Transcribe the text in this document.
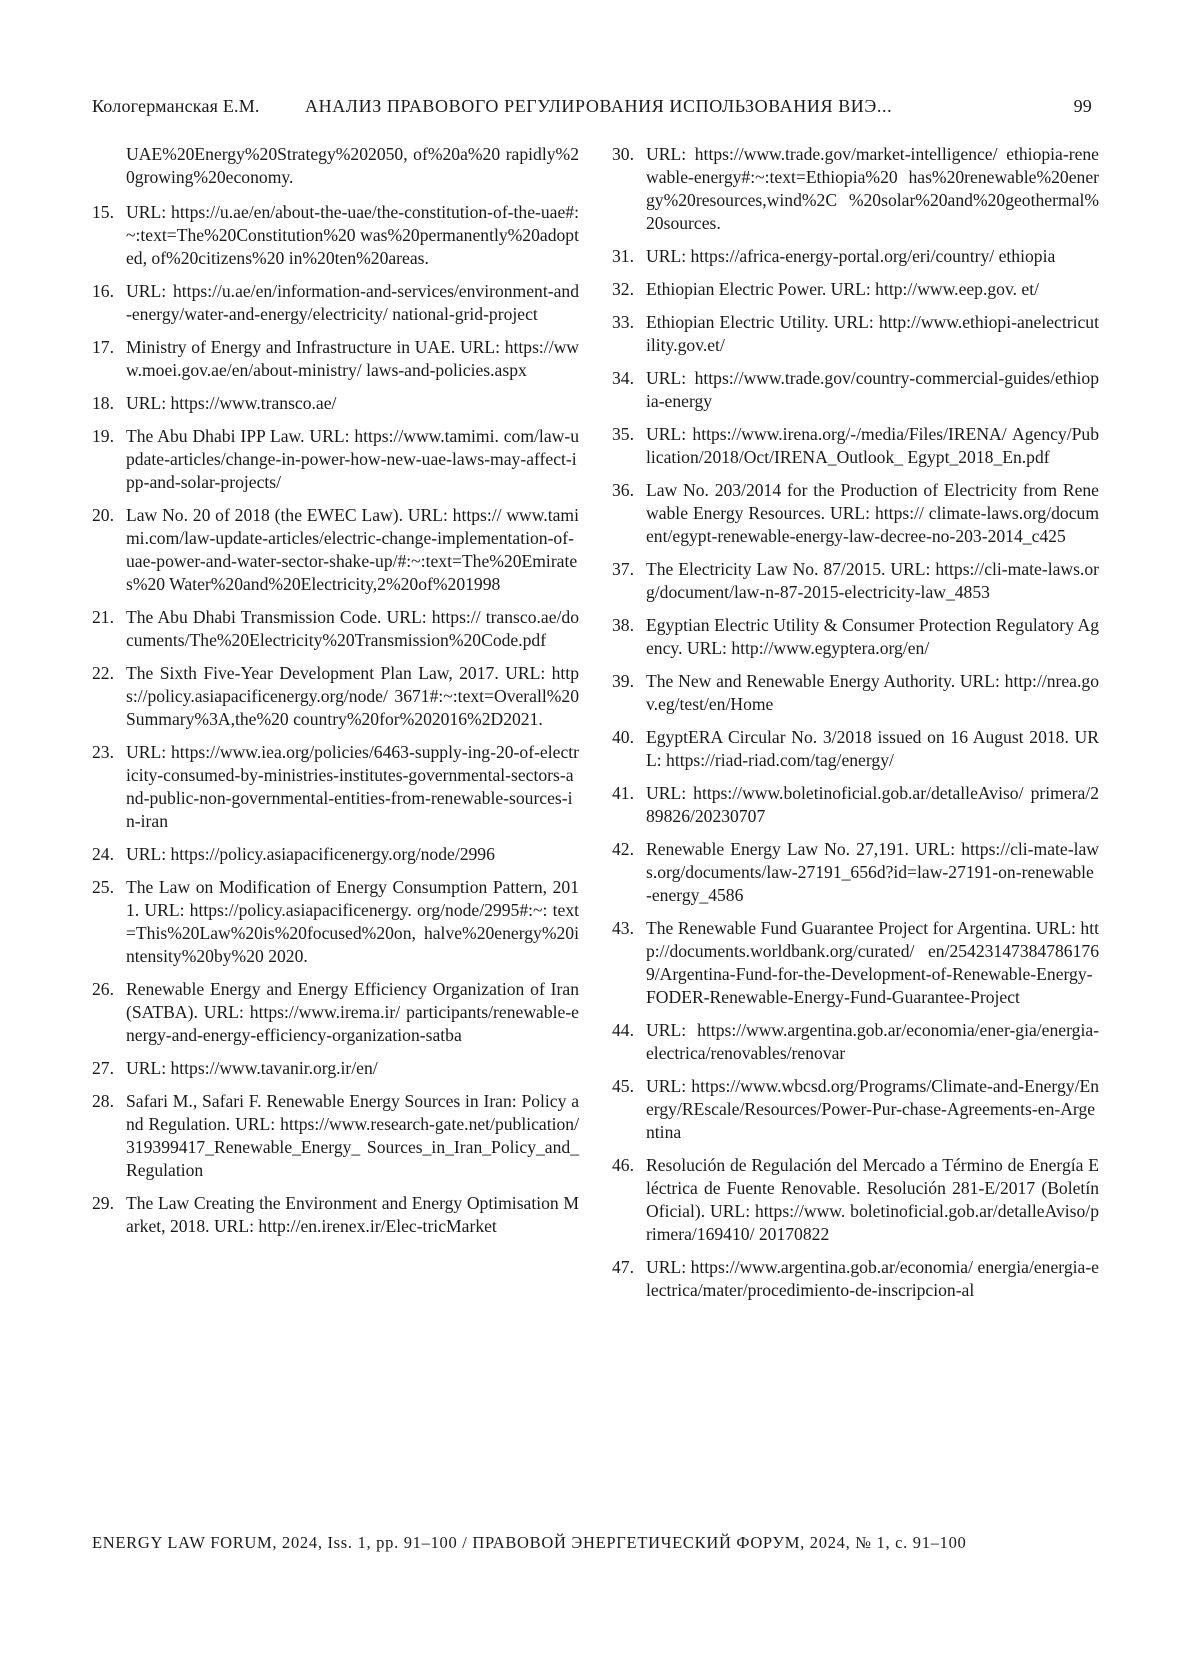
Кологерманская Е.М.	АНАЛИЗ ПРАВОВОГО РЕГУЛИРОВАНИЯ ИСПОЛЬЗОВАНИЯ ВИЭ...	99
UAE%20Energy%20Strategy%202050, of%20a%20 rapidly%20growing%20economy.
15. URL: https://u.ae/en/about-the-uae/the-constitution-of-the-uae#:~:text=The%20Constitution%20 was%20permanently%20adopted, of%20citizens%20 in%20ten%20areas.
16. URL: https://u.ae/en/information-and-services/environment-and-energy/water-and-energy/electricity/ national-grid-project
17. Ministry of Energy and Infrastructure in UAE. URL: https://www.moei.gov.ae/en/about-ministry/ laws-and-policies.aspx
18. URL: https://www.transco.ae/
19. The Abu Dhabi IPP Law. URL: https://www.tamimi. com/law-update-articles/change-in-power-how-new-uae-laws-may-affect-ipp-and-solar-projects/
20. Law No. 20 of 2018 (the EWEC Law). URL: https:// www.tamimi.com/law-update-articles/electric-change-implementation-of-uae-power-and-water-sector-shake-up/#:~:text=The%20Emirates%20 Water%20and%20Electricity,2%20of%201998
21. The Abu Dhabi Transmission Code. URL: https:// transco.ae/documents/The%20Electricity%20Transmission%20Code.pdf
22. The Sixth Five-Year Development Plan Law, 2017. URL: https://policy.asiapacificenergy.org/node/ 3671#:~:text=Overall%20Summary%3A,the%20 country%20for%202016%2D2021.
23. URL: https://www.iea.org/policies/6463-supply-ing-20-of-electricity-consumed-by-ministries-institutes-governmental-sectors-and-public-non-governmental-entities-from-renewable-sources-in-iran
24. URL: https://policy.asiapacificenergy.org/node/2996
25. The Law on Modification of Energy Consumption Pattern, 2011. URL: https://policy.asiapacificenergy. org/node/2995#:~: text=This%20Law%20is%20focused%20on, halve%20energy%20intensity%20by%20 2020.
26. Renewable Energy and Energy Efficiency Organization of Iran (SATBA). URL: https://www.irema.ir/ participants/renewable-energy-and-energy-efficiency-organization-satba
27. URL: https://www.tavanir.org.ir/en/
28. Safari M., Safari F. Renewable Energy Sources in Iran: Policy and Regulation. URL: https://www.research-gate.net/publication/319399417_Renewable_Energy_ Sources_in_Iran_Policy_and_Regulation
29. The Law Creating the Environment and Energy Optimisation Market, 2018. URL: http://en.irenex.ir/Elec-tricMarket
30. URL: https://www.trade.gov/market-intelligence/ ethiopia-renewable-energy#:~:text=Ethiopia%20 has%20renewable%20energy%20resources,wind%2C %20solar%20and%20geothermal%20sources.
31. URL: https://africa-energy-portal.org/eri/country/ ethiopia
32. Ethiopian Electric Power. URL: http://www.eep.gov. et/
33. Ethiopian Electric Utility. URL: http://www.ethiopi-anelectricutility.gov.et/
34. URL: https://www.trade.gov/country-commercial-guides/ethiopia-energy
35. URL: https://www.irena.org/-/media/Files/IRENA/ Agency/Publication/2018/Oct/IRENA_Outlook_ Egypt_2018_En.pdf
36. Law No. 203/2014 for the Production of Electricity from Renewable Energy Resources. URL: https:// climate-laws.org/document/egypt-renewable-energy-law-decree-no-203-2014_c425
37. The Electricity Law No. 87/2015. URL: https://cli-mate-laws.org/document/law-n-87-2015-electricity-law_4853
38. Egyptian Electric Utility & Consumer Protection Regulatory Agency. URL: http://www.egyptera.org/en/
39. The New and Renewable Energy Authority. URL: http://nrea.gov.eg/test/en/Home
40. EgyptERA Circular No. 3/2018 issued on 16 August 2018. URL: https://riad-riad.com/tag/energy/
41. URL: https://www.boletinoficial.gob.ar/detalleAviso/ primera/289826/20230707
42. Renewable Energy Law No. 27,191. URL: https://cli-mate-laws.org/documents/law-27191_656d?id=law-27191-on-renewable-energy_4586
43. The Renewable Fund Guarantee Project for Argentina. URL: http://documents.worldbank.org/curated/ en/254231473847861769/Argentina-Fund-for-the-Development-of-Renewable-Energy-FODER-Renewable-Energy-Fund-Guarantee-Project
44. URL: https://www.argentina.gob.ar/economia/ener-gia/energia-electrica/renovables/renovar
45. URL: https://www.wbcsd.org/Programs/Climate-and-Energy/Energy/REscale/Resources/Power-Pur-chase-Agreements-en-Argentina
46. Resolución de Regulación del Mercado a Término de Energía Eléctrica de Fuente Renovable. Resolución 281-E/2017 (Boletín Oficial). URL: https://www. boletinoficial.gob.ar/detalleAviso/primera/169410/ 20170822
47. URL: https://www.argentina.gob.ar/economia/ energia/energia-electrica/mater/procedimiento-de-inscripcion-al
ENERGY LAW FORUM, 2024, Iss. 1, pp. 91–100 / ПРАВОВОЙ ЭНЕРГЕТИЧЕСКИЙ ФОРУМ, 2024, № 1, с. 91–100
